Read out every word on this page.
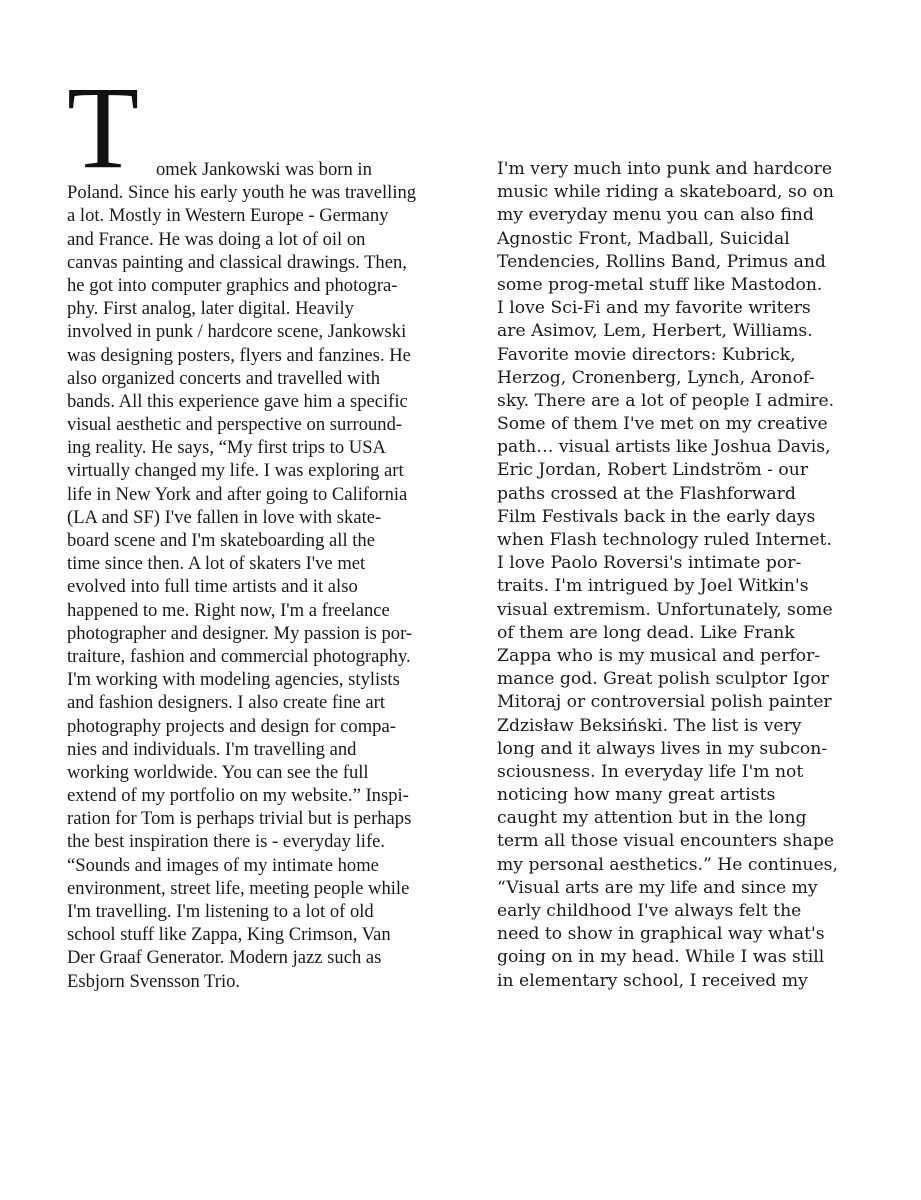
T omek Jankowski was born in
Poland. Since his early youth he was travelling
a lot. Mostly in Western Europe - Germany
and France. He was doing a lot of oil on
canvas painting and classical drawings. Then,
he got into computer graphics and photogra-
phy. First analog, later digital. Heavily
involved in punk / hardcore scene, Jankowski
was designing posters, flyers and fanzines. He
also organized concerts and travelled with
bands. All this experience gave him a specific
visual aesthetic and perspective on surround-
ing reality. He says, “My first trips to USA
virtually changed my life. I was exploring art
life in New York and after going to California
(LA and SF) I've fallen in love with skate-
board scene and I'm skateboarding all the
time since then. A lot of skaters I've met
evolved into full time artists and it also
happened to me. Right now, I'm a freelance
photographer and designer. My passion is por-
traiture, fashion and commercial photography.
I'm working with modeling agencies, stylists
and fashion designers. I also create fine art
photography projects and design for compa-
nies and individuals. I'm travelling and
working worldwide. You can see the full
extend of my portfolio on my website.” Inspi-
ration for Tom is perhaps trivial but is perhaps
the best inspiration there is - everyday life.
“Sounds and images of my intimate home
environment, street life, meeting people while
I'm travelling. I'm listening to a lot of old
school stuff like Zappa, King Crimson, Van
Der Graaf Generator. Modern jazz such as
Esbjorn Svensson Trio.
I'm very much into punk and hardcore
music while riding a skateboard, so on
my everyday menu you can also find
Agnostic Front, Madball, Suicidal
Tendencies, Rollins Band, Primus and
some prog-metal stuff like Mastodon.
I love Sci-Fi and my favorite writers
are Asimov, Lem, Herbert, Williams.
Favorite movie directors: Kubrick,
Herzog, Cronenberg, Lynch, Aronof-
sky. There are a lot of people I admire.
Some of them I've met on my creative
path… visual artists like Joshua Davis,
Eric Jordan, Robert Lindström - our
paths crossed at the Flashforward
Film Festivals back in the early days
when Flash technology ruled Internet.
I love Paolo Roversi's intimate por-
traits. I'm intrigued by Joel Witkin's
visual extremism. Unfortunately, some
of them are long dead. Like Frank
Zappa who is my musical and perfor-
mance god. Great polish sculptor Igor
Mitoraj or controversial polish painter
Zdzisław Beksiński. The list is very
long and it always lives in my subcon-
sciousness. In everyday life I'm not
noticing how many great artists
caught my attention but in the long
term all those visual encounters shape
my personal aesthetics.” He continues,
“Visual arts are my life and since my
early childhood I've always felt the
need to show in graphical way what's
going on in my head. While I was still
in elementary school, I received my
